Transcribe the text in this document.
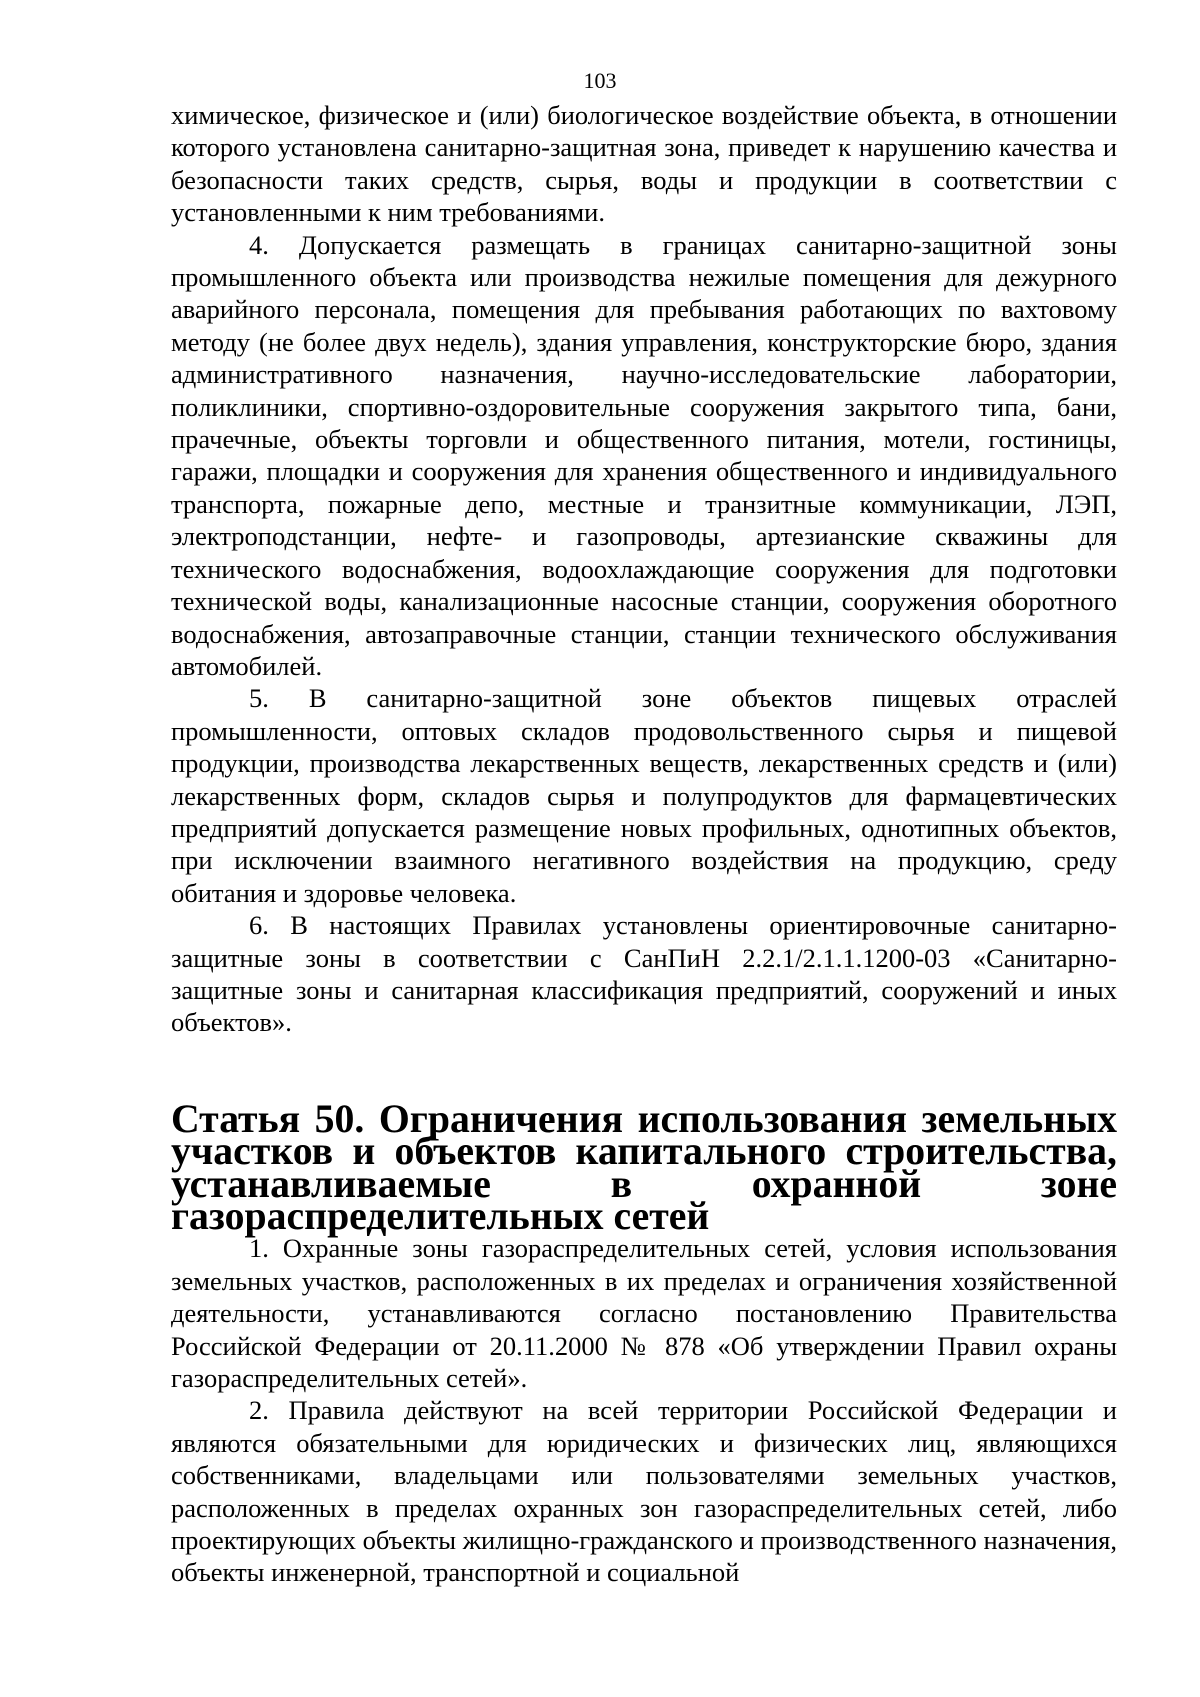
103

химическое, физическое и (или) биологическое воздействие объекта, в отношении которого установлена санитарно-защитная зона, приведет к нарушению качества и безопасности таких средств, сырья, воды и продукции в соответствии с установленными к ним требованиями.

4. Допускается размещать в границах санитарно-защитной зоны промышленного объекта или производства нежилые помещения для дежурного аварийного персонала, помещения для пребывания работающих по вахтовому методу (не более двух недель), здания управления, конструкторские бюро, здания административного назначения, научно-исследовательские лаборатории, поликлиники, спортивно-оздоровительные сооружения закрытого типа, бани, прачечные, объекты торговли и общественного питания, мотели, гостиницы, гаражи, площадки и сооружения для хранения общественного и индивидуального транспорта, пожарные депо, местные и транзитные коммуникации, ЛЭП, электроподстанции, нефте- и газопроводы, артезианские скважины для технического водоснабжения, водоохлаждающие сооружения для подготовки технической воды, канализационные насосные станции, сооружения оборотного водоснабжения, автозаправочные станции, станции технического обслуживания автомобилей.

5. В санитарно-защитной зоне объектов пищевых отраслей промышленности, оптовых складов продовольственного сырья и пищевой продукции, производства лекарственных веществ, лекарственных средств и (или) лекарственных форм, складов сырья и полупродуктов для фармацевтических предприятий допускается размещение новых профильных, однотипных объектов, при исключении взаимного негативного воздействия на продукцию, среду обитания и здоровье человека.

6. В настоящих Правилах установлены ориентировочные санитарно-защитные зоны в соответствии с СанПиН 2.2.1/2.1.1.1200-03 «Санитарно-защитные зоны и санитарная классификация предприятий, сооружений и иных объектов».

Статья 50. Ограничения использования земельных участков и объектов капитального строительства, устанавливаемые в охранной зоне газораспределительных сетей

1. Охранные зоны газораспределительных сетей, условия использования земельных участков, расположенных в их пределах и ограничения хозяйственной деятельности, устанавливаются согласно постановлению Правительства Российской Федерации от 20.11.2000 № 878 «Об утверждении Правил охраны газораспределительных сетей».

2. Правила действуют на всей территории Российской Федерации и являются обязательными для юридических и физических лиц, являющихся собственниками, владельцами или пользователями земельных участков, расположенных в пределах охранных зон газораспределительных сетей, либо проектирующих объекты жилищно-гражданского и производственного назначения, объекты инженерной, транспортной и социальной
